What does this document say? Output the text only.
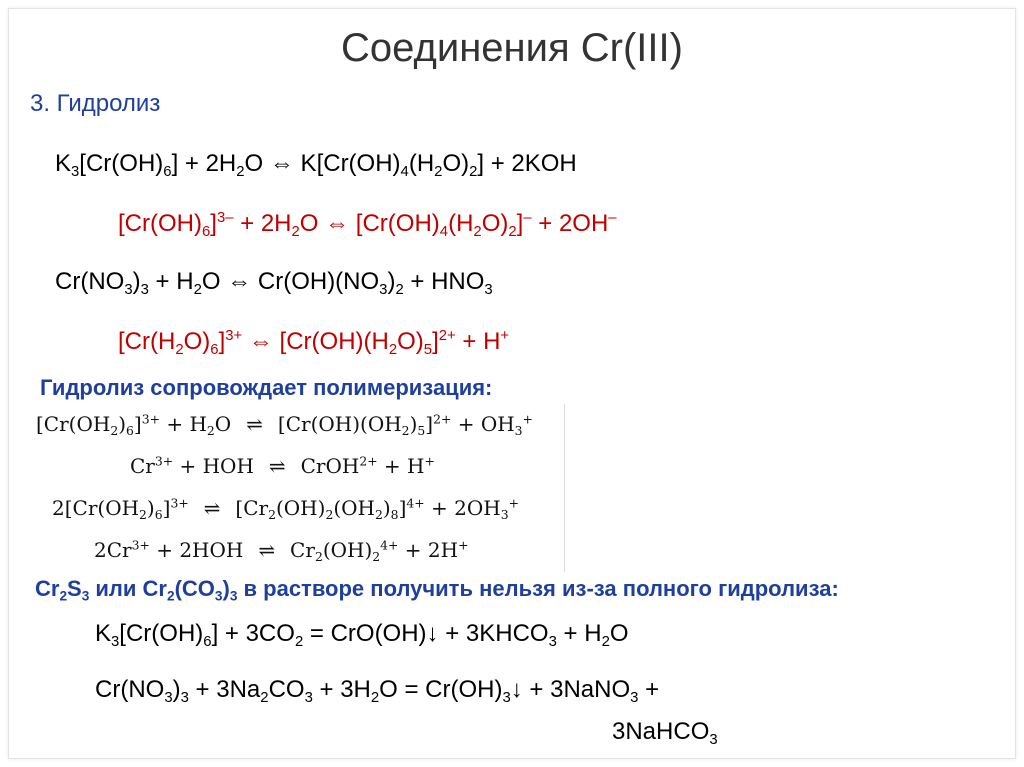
Соединения Cr(III)
3. Гидролиз
$K_3[Cr(OH)_6] + 2H_2O$ ⇔ $K[Cr(OH)_4(H_2O)_2] + 2KOH$
$[Cr(OH)_6]^{3-} + 2H_2O$ ⇔ $[Cr(OH)_4(H_2O)_2]^- + 2OH^-$
$Cr(NO_3)_3 + H_2O$ ⇔ $Cr(OH)(NO_3)_2 + HNO_3$
$[Cr(H_2O)_6]^{3+}$ ⇔ $[Cr(OH)(H_2O)_5]^{2+} + H^+$
Гидролиз сопровождает полимеризация:
$[Cr(OH_2)_6]^{3+} + H_2O$ ⇌ $[Cr(OH)(OH_2)_5]^{2+} + OH_3^+$
$Cr^{3+}$ + HOH ⇌ CrOH$^{2+}$ + H+
$2[Cr(OH_2)_6]^{3+}$ ⇌ $[Cr_2(OH)_2(OH_2)_8]^{4+} + 2OH_3^+$
$2Cr^{3+} + 2HOH$ ⇌ $Cr_2(OH)_2^{4+} + 2H^+$
$Cr_2S_3$ или $Cr_2(CO_3)_3$ в растворе получить нельзя из-за полного гидролиза:
$K_3[Cr(OH)_6] + 3CO_2$ = CrO(OH)↓ + $3KHCO_3 + H_2O$
$Cr(NO_3)_3 + 3Na_2CO_3 + 3H_2O$ = $Cr(OH)_3↓$ + 3NaNO$_3$ +
3NaHCO$_3$
